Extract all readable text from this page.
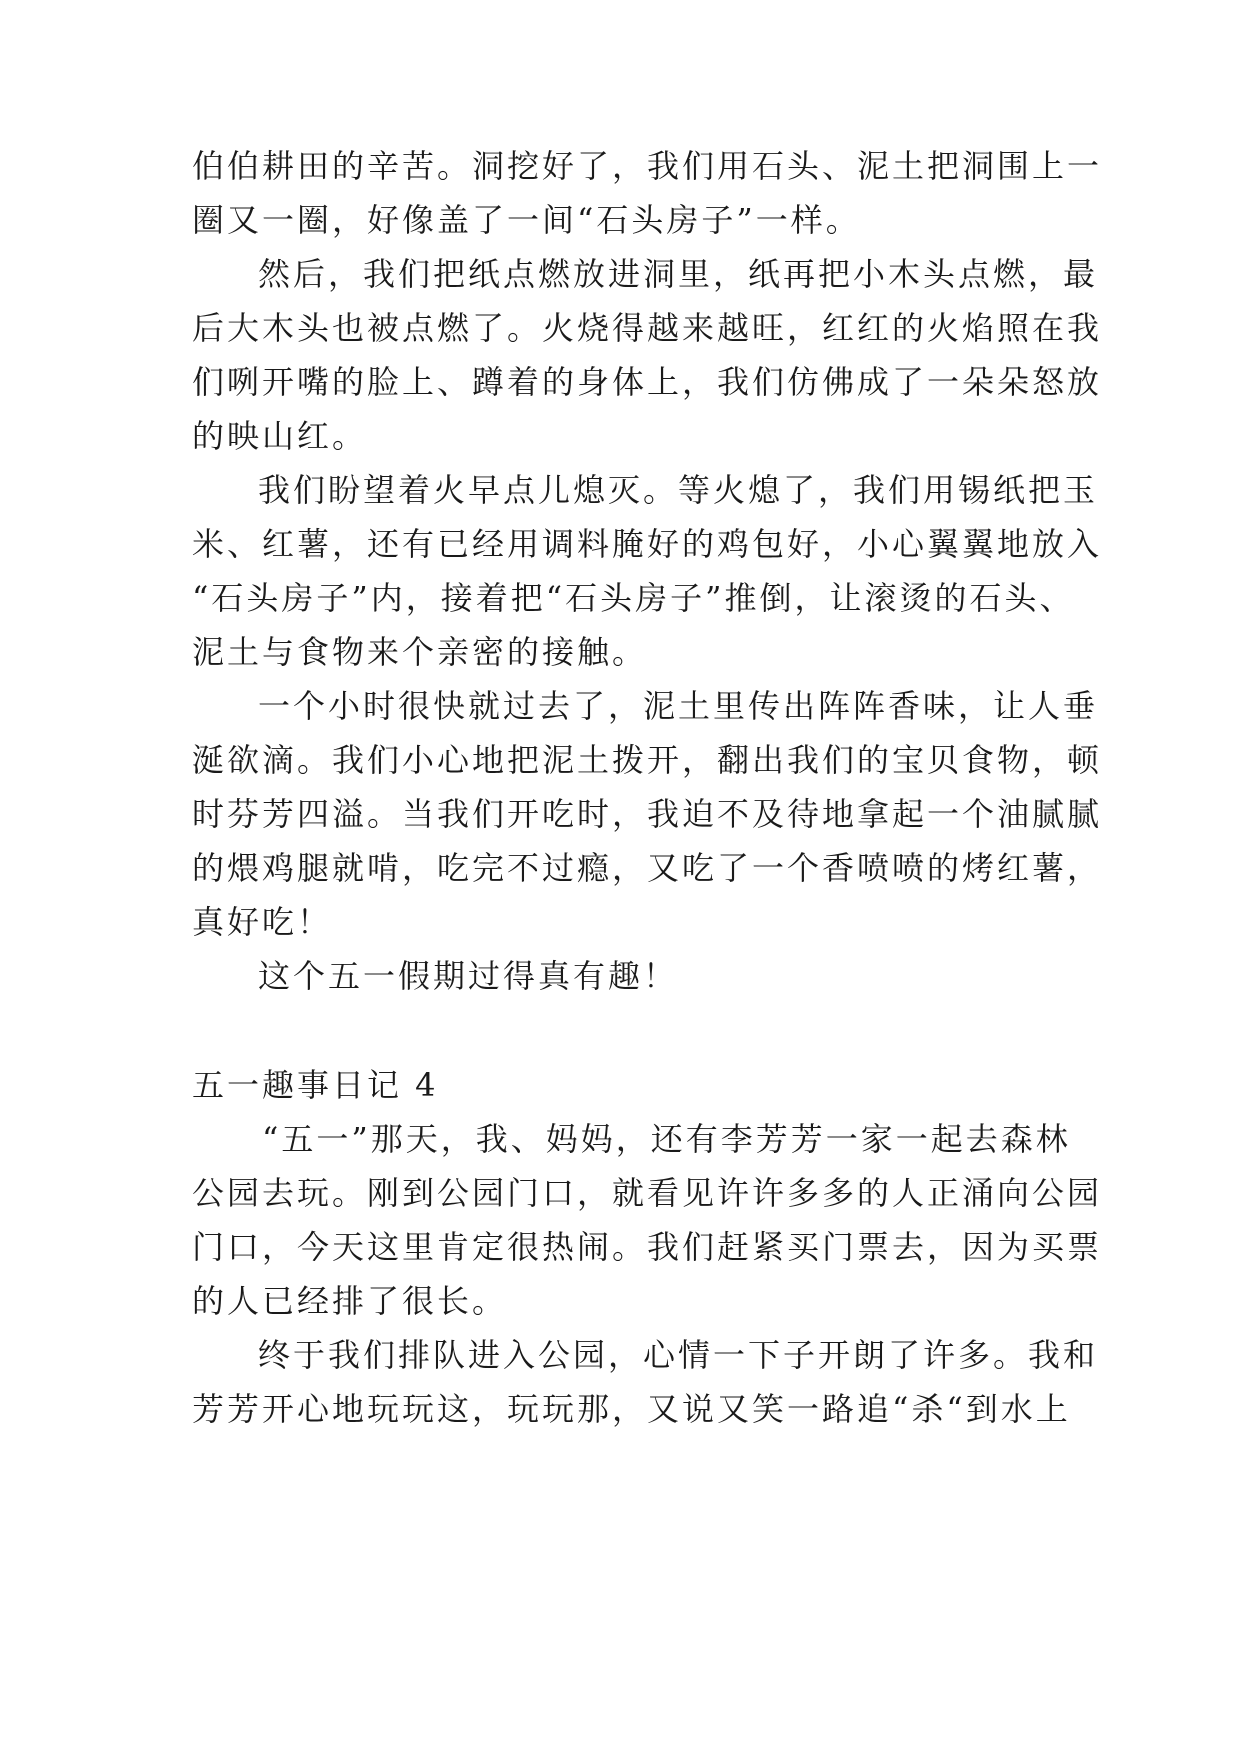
伯伯耕田的辛苦。洞挖好了，我们用石头、泥土把洞围上一
圈又一圈，好像盖了一间“石头房子”一样。
然后，我们把纸点燃放进洞里，纸再把小木头点燃，最
后大木头也被点燃了。火烧得越来越旺，红红的火焰照在我
们咧开嘴的脸上、蹲着的身体上，我们仿佛成了一朵朵怒放
的映山红。
我们盼望着火早点儿熄灭。等火熄了，我们用锡纸把玉
米、红薯，还有已经用调料腌好的鸡包好，小心翼翼地放入
“石头房子”内，接着把“石头房子”推倒，让滚烫的石头、
泥土与食物来个亲密的接触。
一个小时很快就过去了，泥土里传出阵阵香味，让人垂
涎欲滴。我们小心地把泥土拨开，翻出我们的宝贝食物，顿
时芬芳四溢。当我们开吃时，我迫不及待地拿起一个油腻腻
的煨鸡腿就啃，吃完不过瘾，又吃了一个香喷喷的烤红薯，
真好吃！
这个五一假期过得真有趣！
五一趣事日记 4
“五一”那天，我、妈妈，还有李芳芳一家一起去森林
公园去玩。刚到公园门口，就看见许许多多的人正涌向公园
门口，今天这里肯定很热闹。我们赶紧买门票去，因为买票
的人已经排了很长。
终于我们排队进入公园，心情一下子开朗了许多。我和
芳芳开心地玩玩这，玩玩那，又说又笑一路追“杀“到水上
